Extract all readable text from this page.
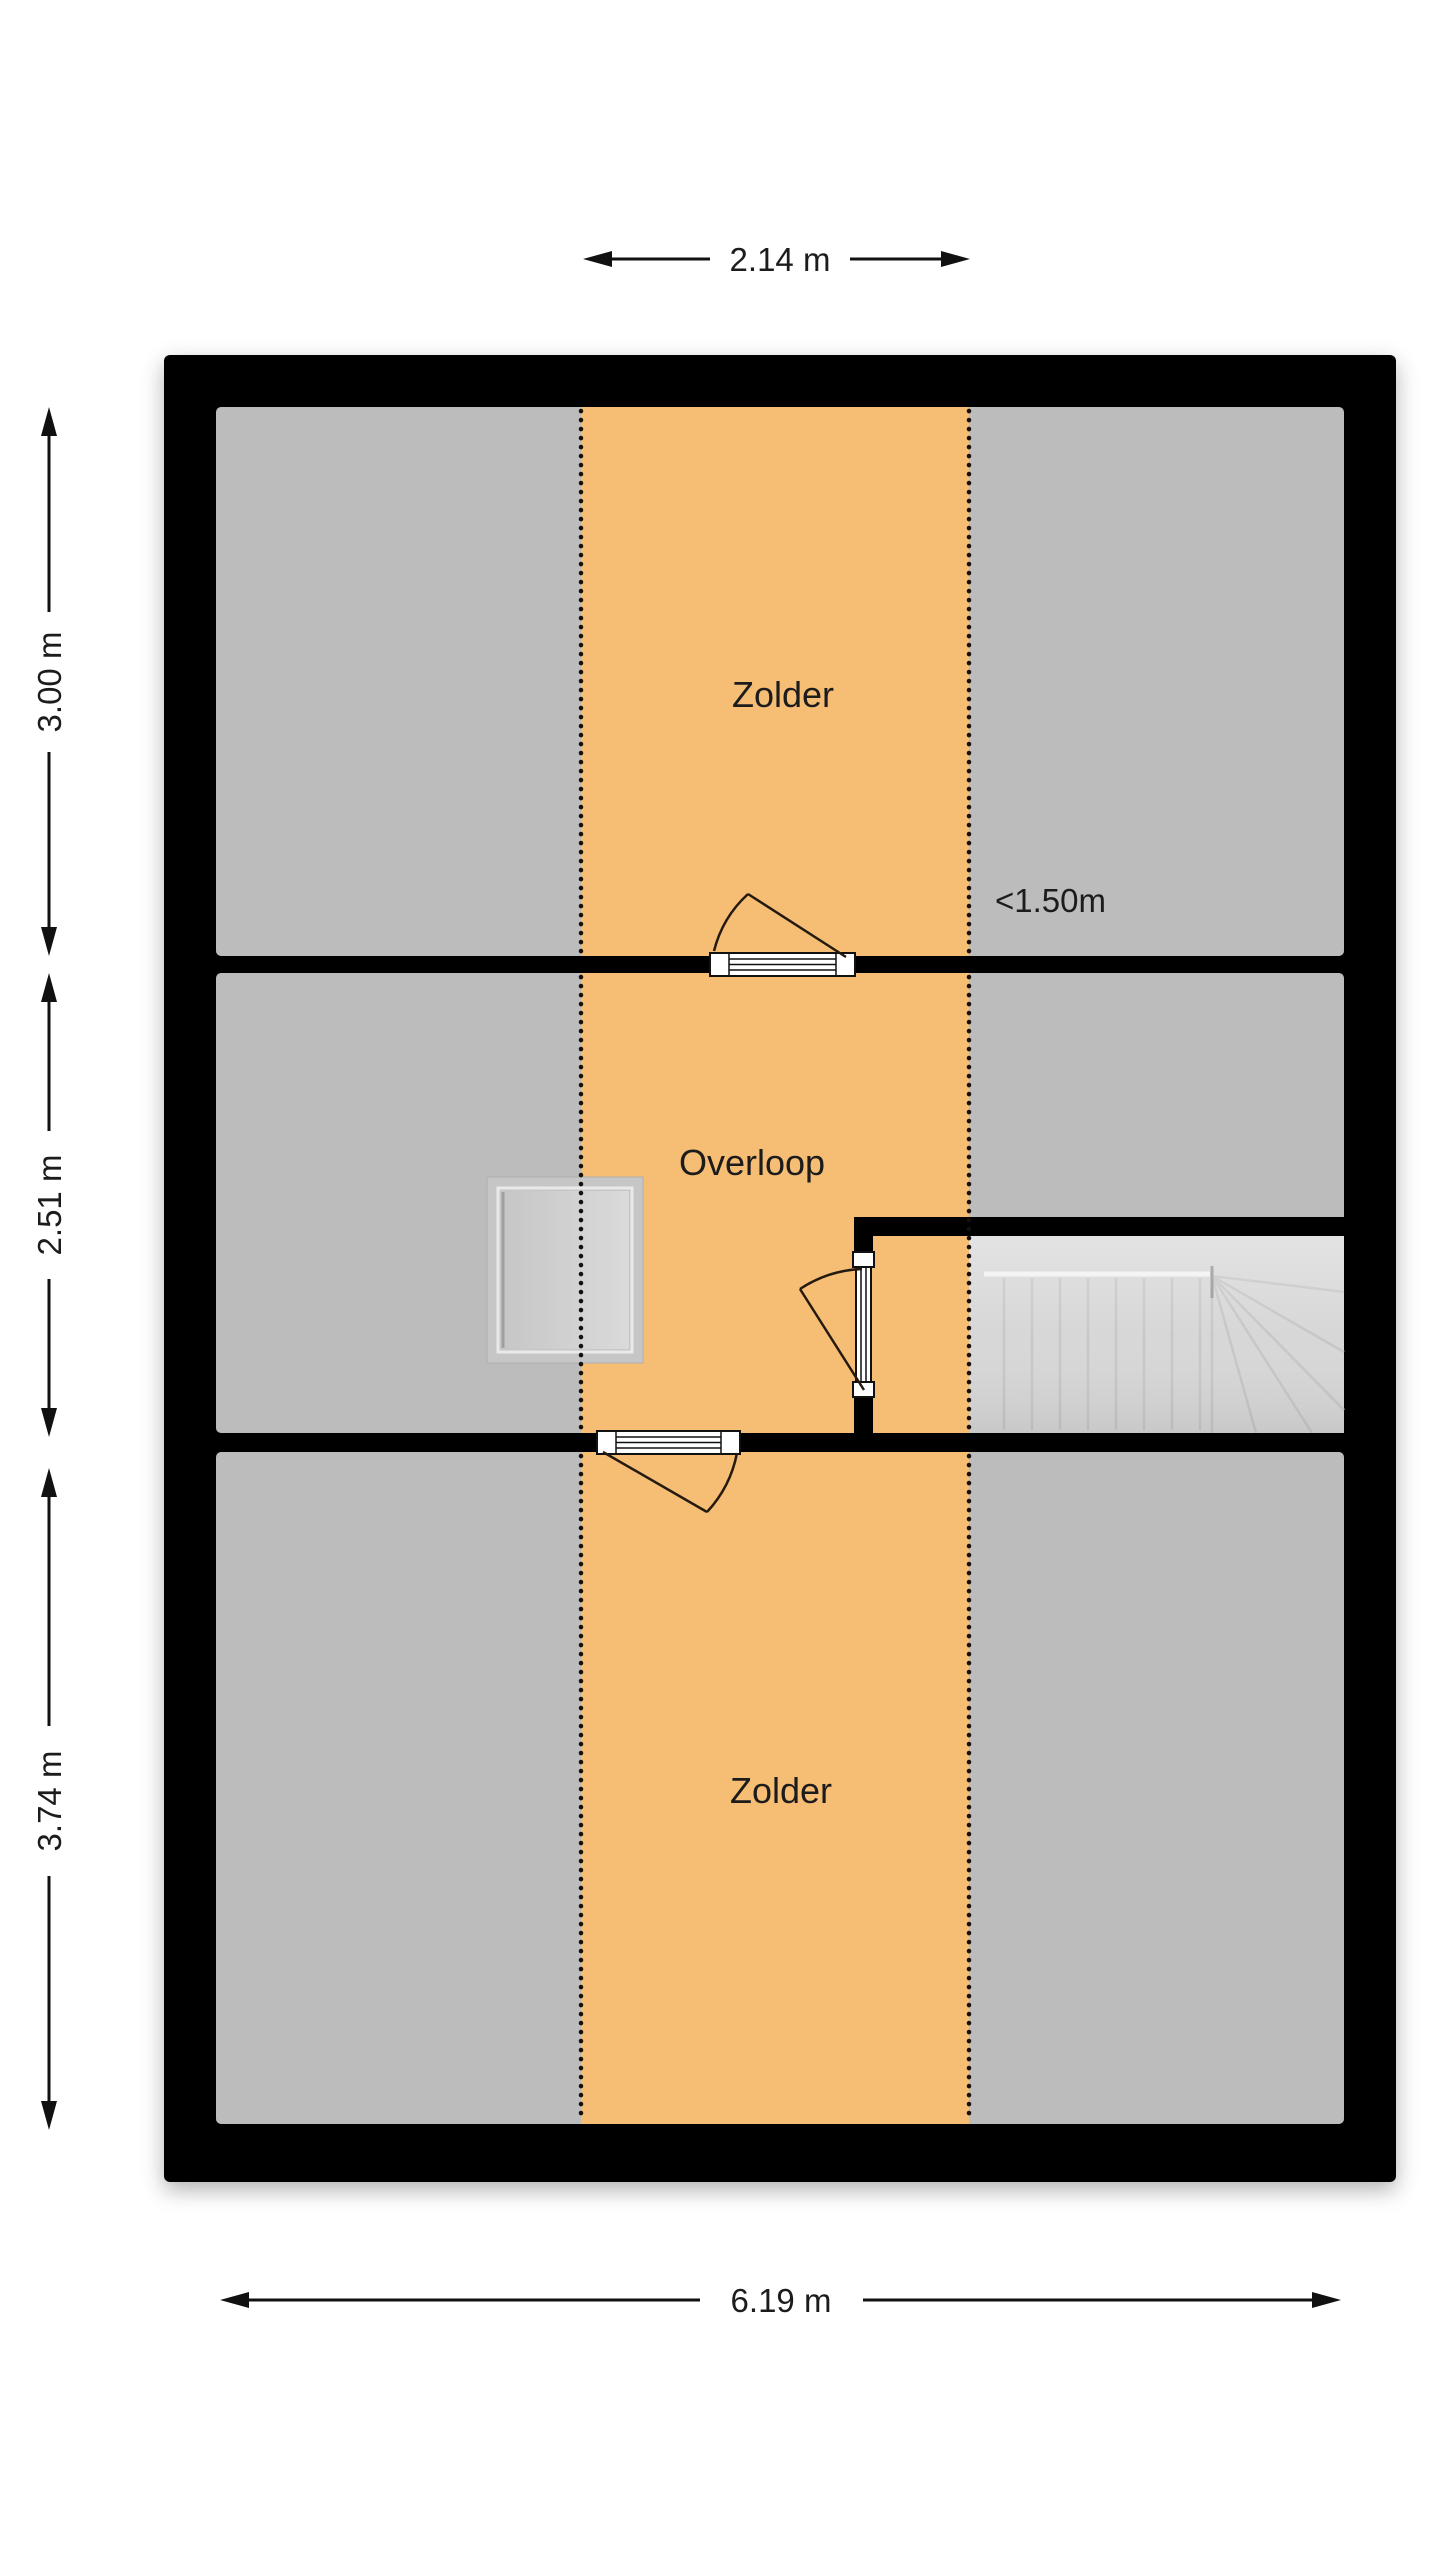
Zolder
Overloop
Zolder
<1.50m
2.14 m
6.19 m
3.00 m
2.51 m
3.74 m
